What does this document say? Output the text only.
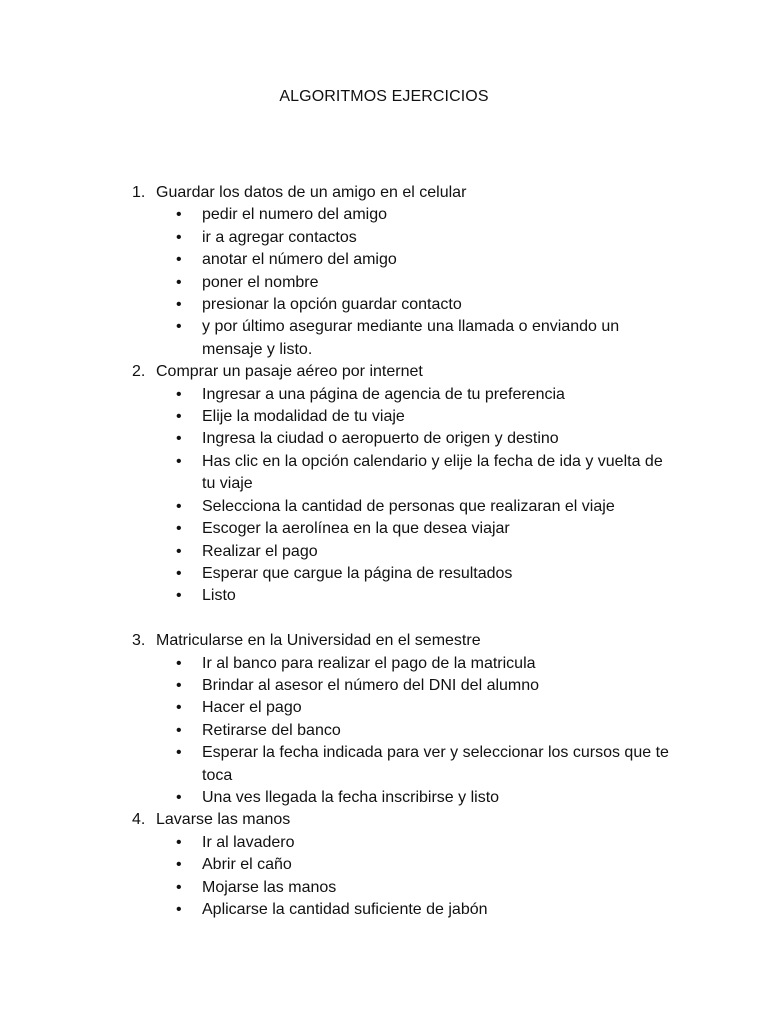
ALGORITMOS EJERCICIOS
1. Guardar los datos de un amigo en el celular
•	pedir el numero del amigo
•	ir a agregar contactos
•	anotar el número del amigo
•	poner el nombre
•	presionar la opción guardar contacto
•	y por último asegurar mediante una llamada o enviando un mensaje y listo.
2. Comprar un pasaje aéreo por internet
•	Ingresar a una página de agencia de tu preferencia
•	Elije la modalidad de tu viaje
•	Ingresa la ciudad o aeropuerto de origen y destino
•	Has clic en la opción calendario y elije la fecha de ida y vuelta de tu viaje
•	Selecciona la cantidad de personas que realizaran el viaje
•	Escoger la aerolínea en la que desea viajar
•	Realizar el pago
•	Esperar que cargue la página de resultados
•	Listo
3. Matricularse en la Universidad en el semestre
•	Ir al banco para realizar el pago de la matricula
•	Brindar al asesor el número del DNI del alumno
•	Hacer el pago
•	Retirarse del banco
•	Esperar la fecha indicada para ver y seleccionar los cursos que te toca
•	Una ves llegada la fecha inscribirse y listo
4. Lavarse las manos
•	Ir al lavadero
•	Abrir el caño
•	Mojarse las manos
•	Aplicarse la cantidad suficiente de jabón
